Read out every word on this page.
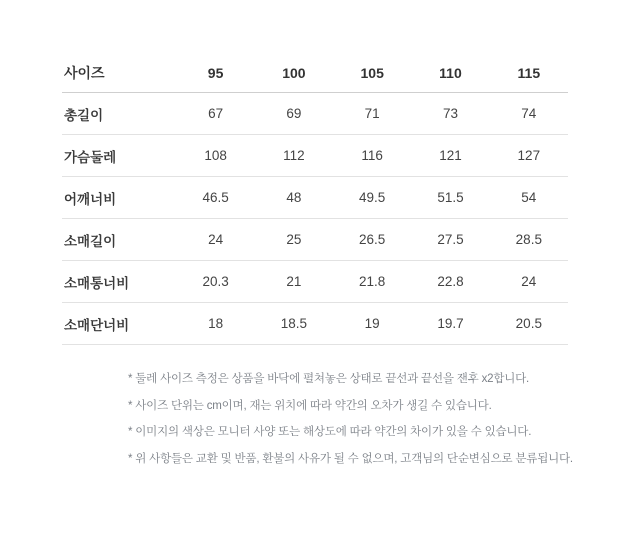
사이즈	95	100	105	110	115
총길이	67	69	71	73	74
가슴둘레	108	112	116	121	127
어깨너비	46.5	48	49.5	51.5	54
소매길이	24	25	26.5	27.5	28.5
소매통너비	20.3	21	21.8	22.8	24
소매단너비	18	18.5	19	19.7	20.5
* 둘레 사이즈 측정은 상품을 바닥에 펼쳐놓은 상태로 끝선과 끝선을 잰후 x2합니다.
* 사이즈 단위는 cm이며, 재는 위치에 따라 약간의 오차가 생길 수 있습니다.
* 이미지의 색상은 모니터 사양 또는 해상도에 따라 약간의 차이가 있을 수 있습니다.
* 위 사항들은 교환 및 반품, 환불의 사유가 될 수 없으며, 고객님의 단순변심으로 분류됩니다.
